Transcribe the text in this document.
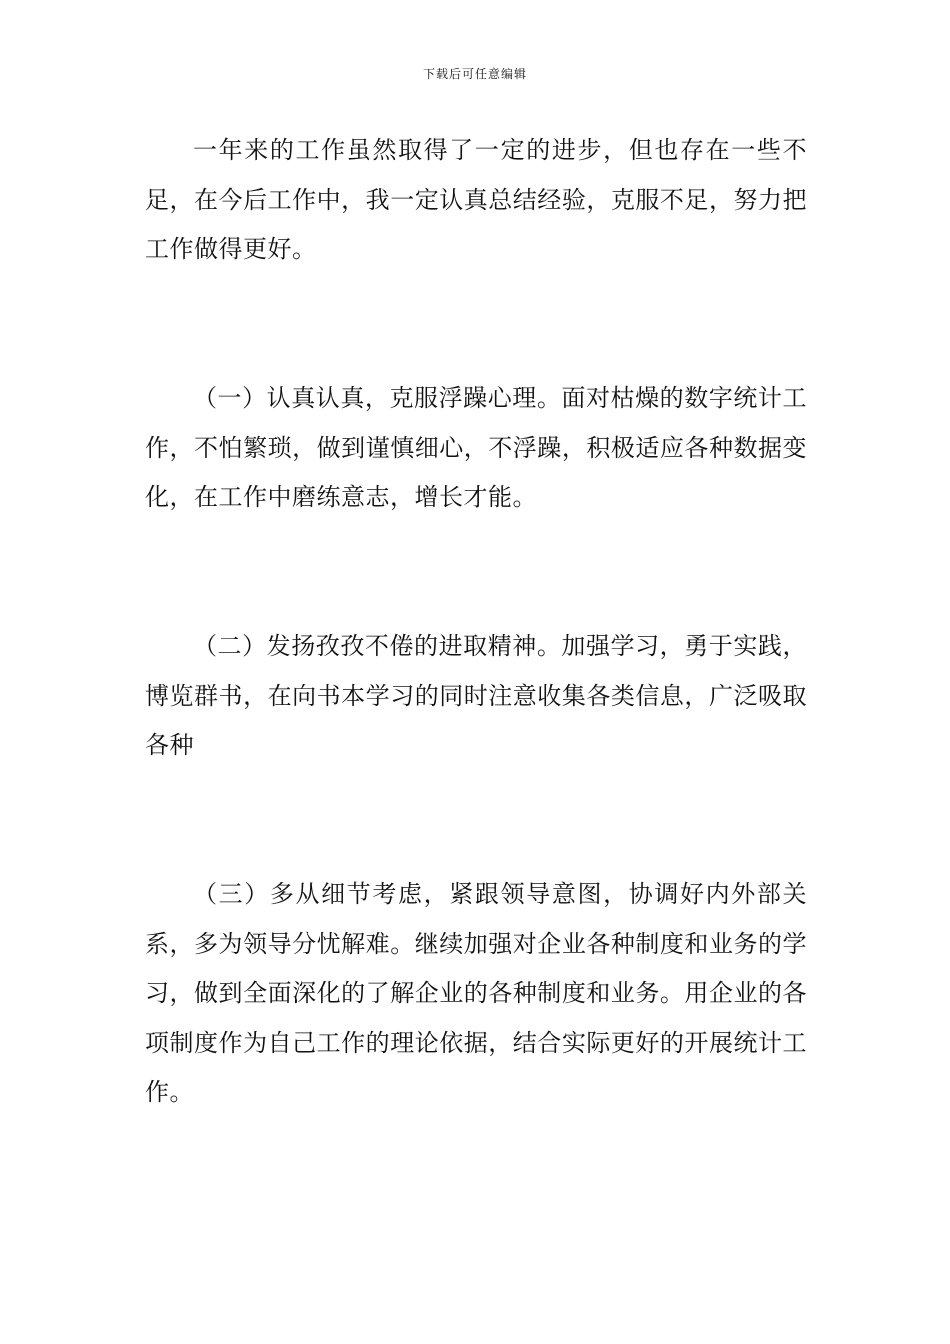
下载后可任意编辑

一年来的工作虽然取得了一定的进步，但也存在一些不足，在今后工作中，我一定认真总结经验，克服不足，努力把工作做得更好。

（一）认真认真，克服浮躁心理。面对枯燥的数字统计工作，不怕繁琐，做到谨慎细心，不浮躁，积极适应各种数据变化，在工作中磨练意志，增长才能。

（二）发扬孜孜不倦的进取精神。加强学习，勇于实践，博览群书，在向书本学习的同时注意收集各类信息，广泛吸取各种

（三）多从细节考虑，紧跟领导意图，协调好内外部关系，多为领导分忧解难。继续加强对企业各种制度和业务的学习，做到全面深化的了解企业的各种制度和业务。用企业的各项制度作为自己工作的理论依据，结合实际更好的开展统计工作。
